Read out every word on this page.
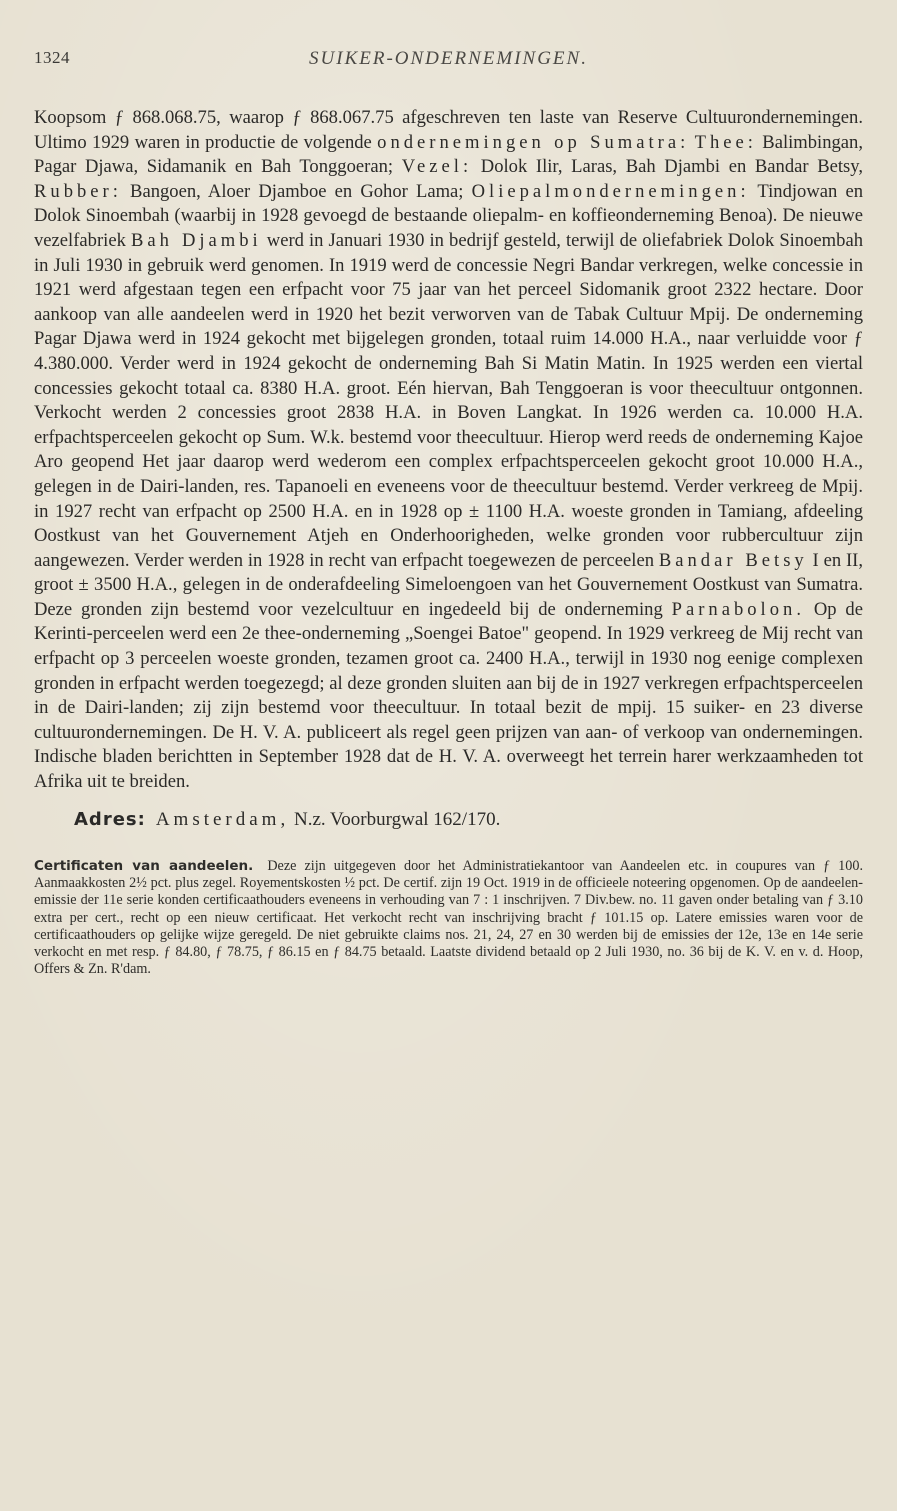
1324	SUIKER-ONDERNEMINGEN.

Koopsom ƒ 868.068.75, waarop ƒ 868.067.75 afgeschreven ten laste van Reserve Cultuurondernemingen. Ultimo 1929 waren in productie de volgende ondernemingen op Sumatra: Thee: Balimbingan, Pagar Djawa, Sidamanik en Bah Tonggoeran; Vezel: Dolok Ilir, Laras, Bah Djambi en Bandar Betsy, Rubber: Bangoen, Aloer Djamboe en Gohor Lama; Oliepalmondernemingen: Tindjowan en Dolok Sinoembah (waarbij in 1928 gevoegd de bestaande oliepalm- en koffieonderneming Benoa). De nieuwe vezelfabriek Bah Djambi werd in Januari 1930 in bedrijf gesteld, terwijl de oliefabriek Dolok Sinoembah in Juli 1930 in gebruik werd genomen. In 1919 werd de concessie Negri Bandar verkregen, welke concessie in 1921 werd afgestaan tegen een erfpacht voor 75 jaar van het perceel Sidomanik groot 2322 hectare. Door aankoop van alle aandeelen werd in 1920 het bezit verworven van de Tabak Cultuur Mpij. De onderneming Pagar Djawa werd in 1924 gekocht met bijgelegen gronden, totaal ruim 14.000 H.A., naar verluidde voor ƒ 4.380.000. Verder werd in 1924 gekocht de onderneming Bah Si Matin Matin. In 1925 werden een viertal concessies gekocht totaal ca. 8380 H.A. groot. Eén hiervan, Bah Tenggoeran is voor theecultuur ontgonnen. Verkocht werden 2 concessies groot 2838 H.A. in Boven Langkat. In 1926 werden ca. 10.000 H.A. erfpachtsperceelen gekocht op Sum. W.k. bestemd voor theecultuur. Hierop werd reeds de onderneming Kajoe Aro geopend Het jaar daarop werd wederom een complex erfpachtsperceelen gekocht groot 10.000 H.A., gelegen in de Dairi-landen, res. Tapanoeli en eveneens voor de theecultuur bestemd. Verder verkreeg de Mpij. in 1927 recht van erfpacht op 2500 H.A. en in 1928 op ± 1100 H.A. woeste gronden in Tamiang, afdeeling Oostkust van het Gouvernement Atjeh en Onderhoorigheden, welke gronden voor rubbercultuur zijn aangewezen. Verder werden in 1928 in recht van erfpacht toegewezen de perceelen Bandar Betsy I en II, groot ± 3500 H.A., gelegen in de onderafdeeling Simeloengoen van het Gouvernement Oostkust van Sumatra. Deze gronden zijn bestemd voor vezelcultuur en ingedeeld bij de onderneming Parnabolon. Op de Kerinti-perceelen werd een 2e thee-onderneming „Soengei Batoe" geopend. In 1929 verkreeg de Mij recht van erfpacht op 3 perceelen woeste gronden, tezamen groot ca. 2400 H.A., terwijl in 1930 nog eenige complexen gronden in erfpacht werden toegezegd; al deze gronden sluiten aan bij de in 1927 verkregen erfpachtsperceelen in de Dairi-landen; zij zijn bestemd voor theecultuur. In totaal bezit de mpij. 15 suiker- en 23 diverse cultuurondernemingen. De H. V. A. publiceert als regel geen prijzen van aan- of verkoop van ondernemingen. Indische bladen berichtten in September 1928 dat de H. V. A. overweegt het terrein harer werkzaamheden tot Afrika uit te breiden.

Adres: Amsterdam, N.z. Voorburgwal 162/170.

Certificaten van aandeelen. Deze zijn uitgegeven door het Administratiekantoor van Aandeelen etc. in coupures van ƒ 100. Aanmaakkosten 2½ pct. plus zegel. Royementskosten ½ pct. De certif. zijn 19 Oct. 1919 in de officieele noteering opgenomen. Op de aandeelen-emissie der 11e serie konden certificaathouders eveneens in verhouding van 7 : 1 inschrijven. 7 Div.bew. no. 11 gaven onder betaling van ƒ 3.10 extra per cert., recht op een nieuw certificaat. Het verkocht recht van inschrijving bracht ƒ 101.15 op. Latere emissies waren voor de certificaathouders op gelijke wijze geregeld. De niet gebruikte claims nos. 21, 24, 27 en 30 werden bij de emissies der 12e, 13e en 14e serie verkocht en met resp. ƒ 84.80, ƒ 78.75, ƒ 86.15 en ƒ 84.75 betaald. Laatste dividend betaald op 2 Juli 1930, no. 36 bij de K. V. en v. d. Hoop, Offers & Zn. R'dam.
